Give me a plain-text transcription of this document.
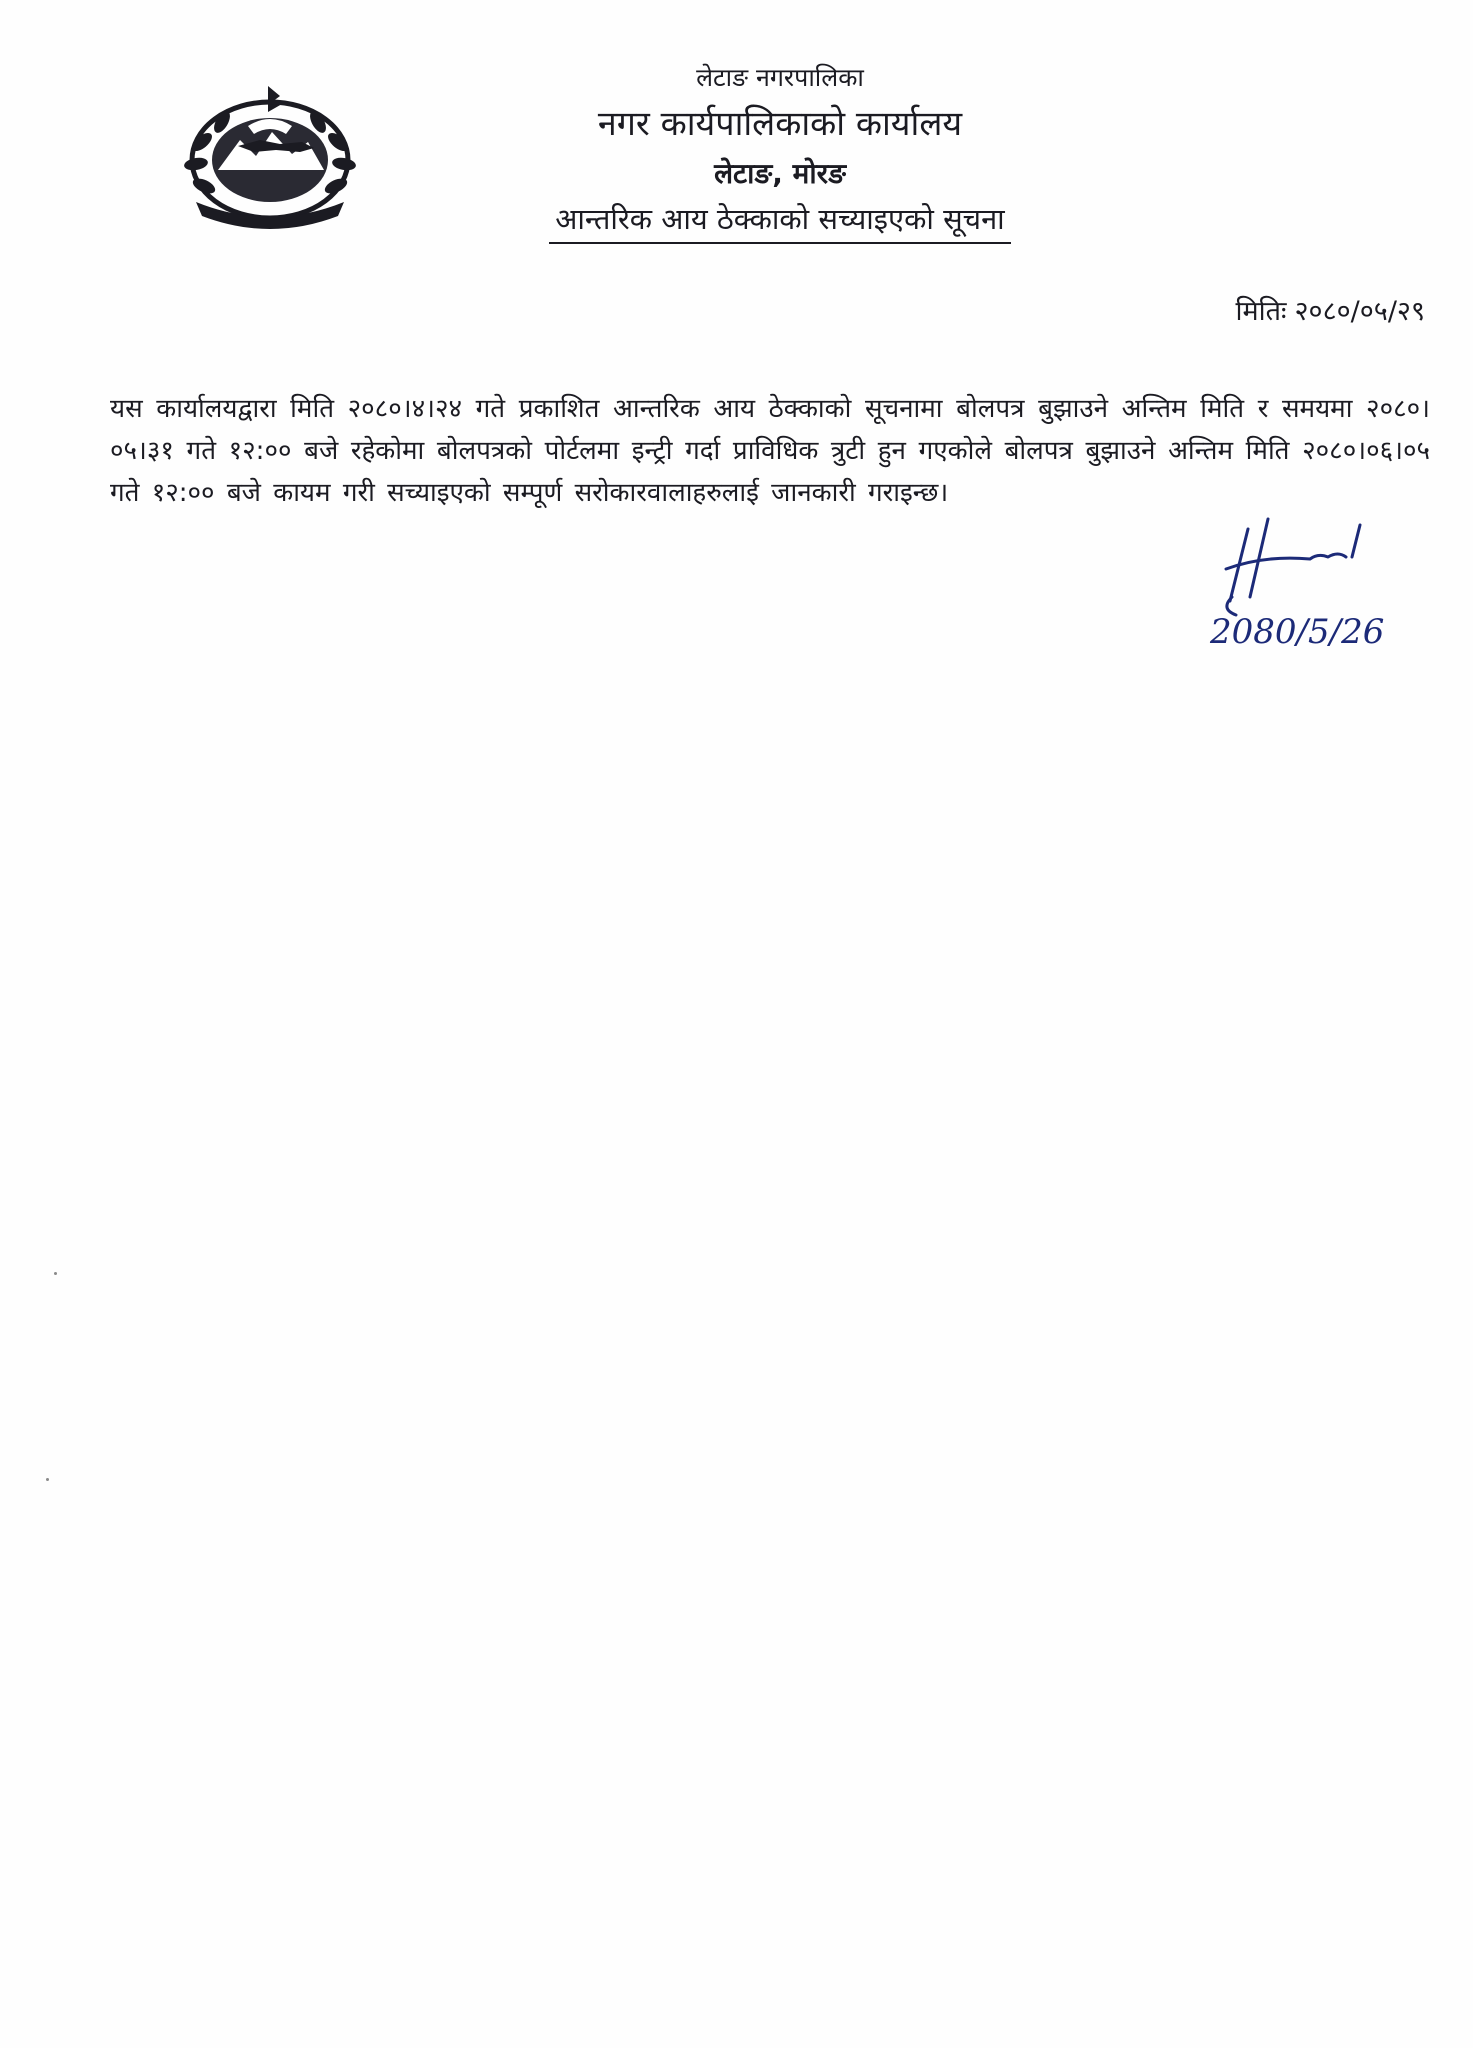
लेटाङ नगरपालिका
नगर कार्यपालिकाको कार्यालय
लेटाङ, मोरङ
आन्तरिक आय ठेक्काको सच्याइएको सूचना
मितिः २०८०/०५/२९

यस कार्यालयद्वारा मिति २०८०।४।२४ गते प्रकाशित आन्तरिक आय ठेक्काको सूचनामा बोलपत्र बुझाउने अन्तिम मिति र समयमा २०८०।०५।३१ गते १२:०० बजे रहेकोमा बोलपत्रको पोर्टलमा इन्ट्री गर्दा प्राविधिक त्रुटी हुन गएकोले बोलपत्र बुझाउने अन्तिम मिति २०८०।०६।०५ गते १२:०० बजे कायम गरी सच्याइएको सम्पूर्ण सरोकारवालाहरुलाई जानकारी गराइन्छ।

2080/5/26
